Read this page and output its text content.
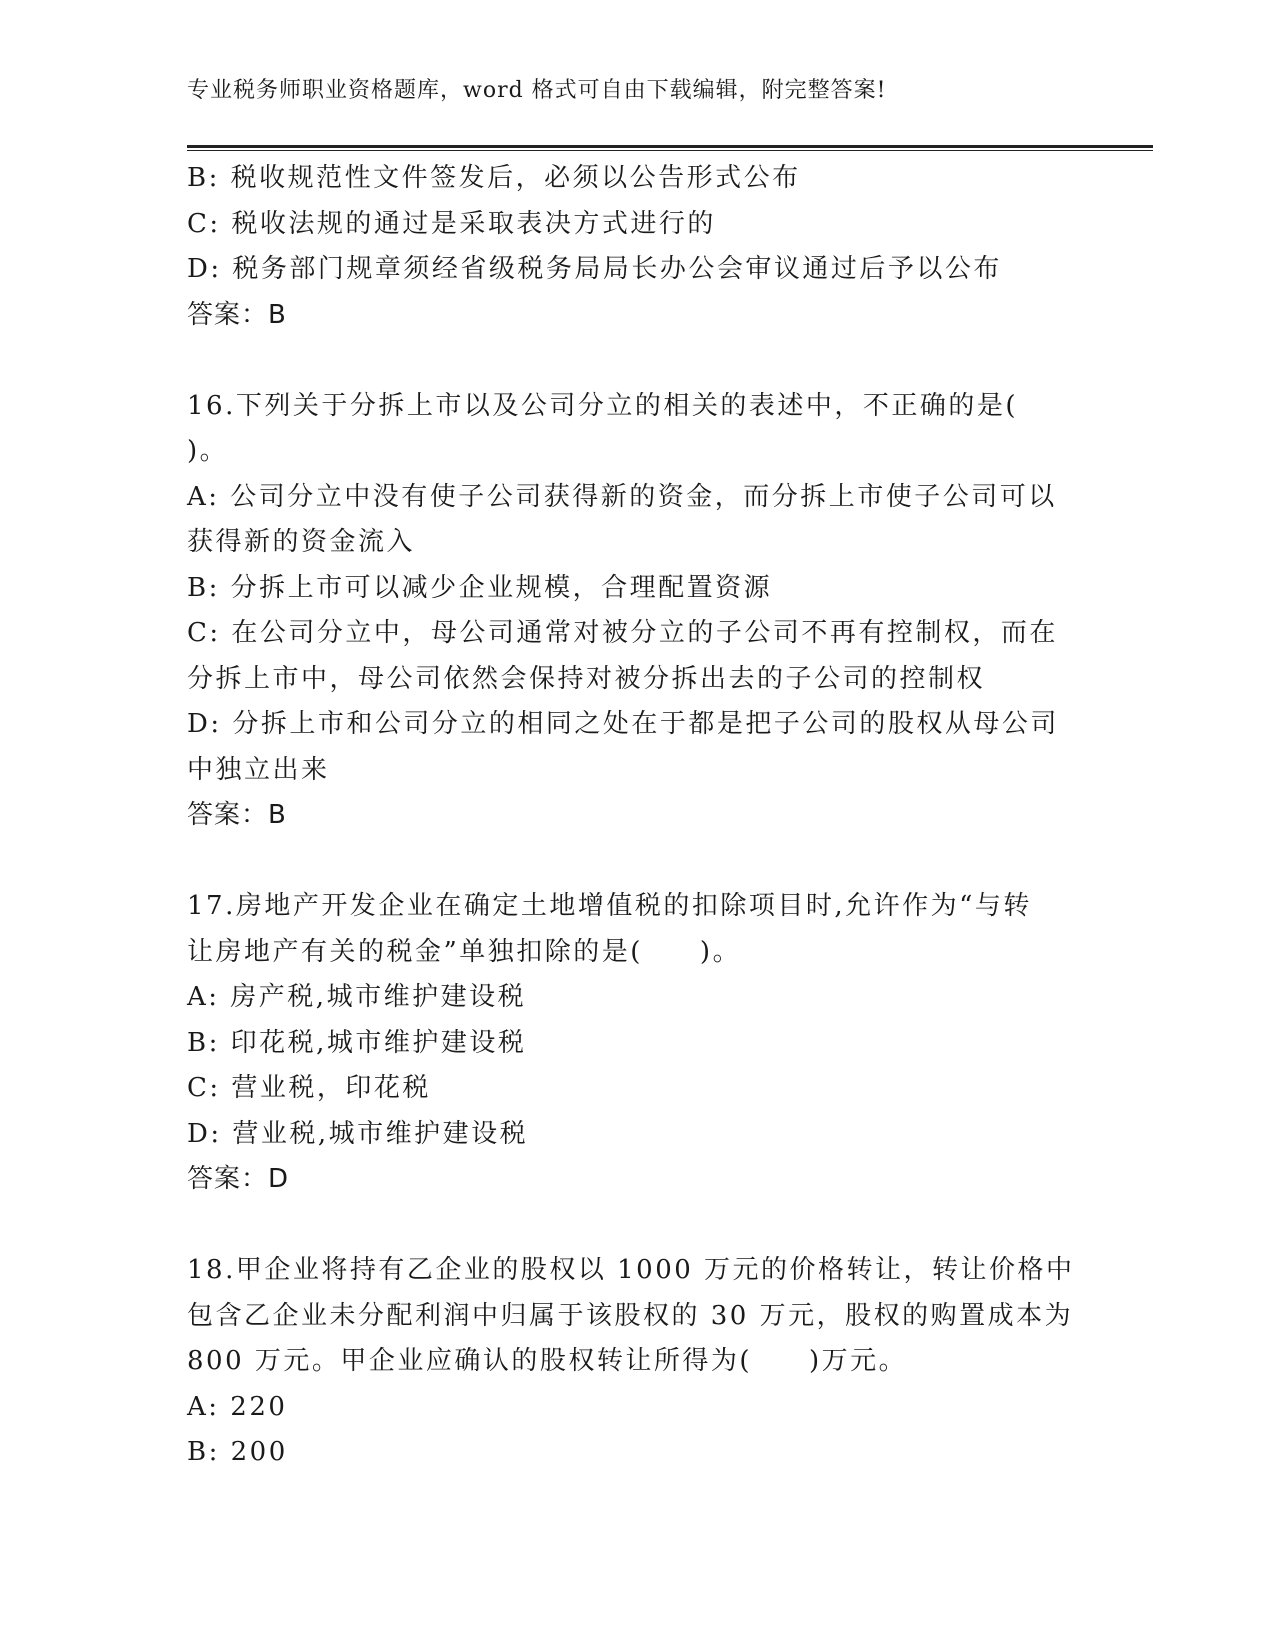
专业税务师职业资格题库，word 格式可自由下载编辑，附完整答案!
B: 税收规范性文件签发后，必须以公告形式公布
C: 税收法规的通过是采取表决方式进行的
D: 税务部门规章须经省级税务局局长办公会审议通过后予以公布
答案：B
16.下列关于分拆上市以及公司分立的相关的表述中，不正确的是(
)。
A: 公司分立中没有使子公司获得新的资金，而分拆上市使子公司可以
获得新的资金流入
B: 分拆上市可以减少企业规模，合理配置资源
C: 在公司分立中，母公司通常对被分立的子公司不再有控制权，而在
分拆上市中，母公司依然会保持对被分拆出去的子公司的控制权
D: 分拆上市和公司分立的相同之处在于都是把子公司的股权从母公司
中独立出来
答案：B
17.房地产开发企业在确定土地增值税的扣除项目时,允许作为“与转
让房地产有关的税金”单独扣除的是(　　)。
A: 房产税,城市维护建设税
B: 印花税,城市维护建设税
C: 营业税，印花税
D: 营业税,城市维护建设税
答案：D
18.甲企业将持有乙企业的股权以 1000 万元的价格转让，转让价格中
包含乙企业未分配利润中归属于该股权的 30 万元，股权的购置成本为
800 万元。甲企业应确认的股权转让所得为(　　)万元。
A: 220
B: 200
